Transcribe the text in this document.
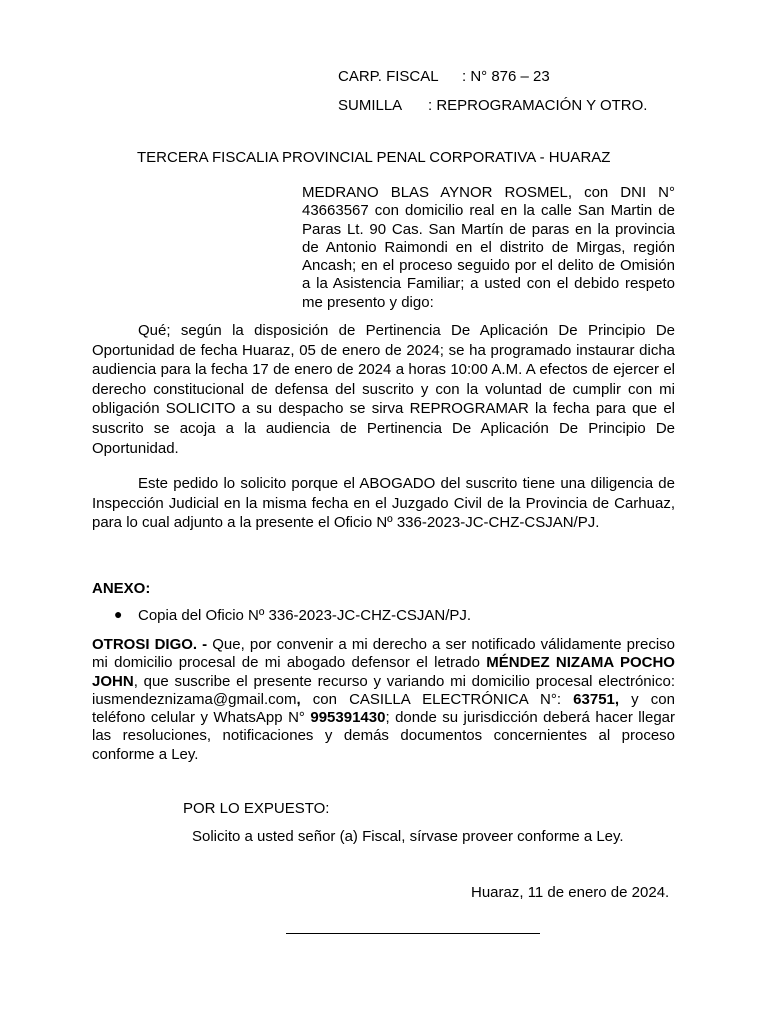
CARP. FISCAL : N° 876 – 23
SUMILLA : REPROGRAMACIÓN Y OTRO.
TERCERA FISCALIA PROVINCIAL PENAL CORPORATIVA - HUARAZ
MEDRANO BLAS AYNOR ROSMEL, con DNI N° 43663567 con domicilio real en la calle San Martin de Paras Lt. 90 Cas. San Martín de paras en la provincia de Antonio Raimondi en el distrito de Mirgas, región Ancash; en el proceso seguido por el delito de Omisión a la Asistencia Familiar; a usted con el debido respeto me presento y digo:
Qué; según la disposición de Pertinencia De Aplicación De Principio De Oportunidad de fecha Huaraz, 05 de enero de 2024; se ha programado instaurar dicha audiencia para la fecha 17 de enero de 2024 a horas 10:00 A.M. A efectos de ejercer el derecho constitucional de defensa del suscrito y con la voluntad de cumplir con mi obligación SOLICITO a su despacho se sirva REPROGRAMAR la fecha para que el suscrito se acoja a la audiencia de Pertinencia De Aplicación De Principio De Oportunidad.
Este pedido lo solicito porque el ABOGADO del suscrito tiene una diligencia de Inspección Judicial en la misma fecha en el Juzgado Civil de la Provincia de Carhuaz, para lo cual adjunto a la presente el Oficio Nº 336-2023-JC-CHZ-CSJAN/PJ.
ANEXO:
● Copia del Oficio Nº 336-2023-JC-CHZ-CSJAN/PJ.
OTROSI DIGO. - Que, por convenir a mi derecho a ser notificado válidamente preciso mi domicilio procesal de mi abogado defensor el letrado MÉNDEZ NIZAMA POCHO JOHN, que suscribe el presente recurso y variando mi domicilio procesal electrónico: iusmendeznizama@gmail.com, con CASILLA ELECTRÓNICA N°: 63751, y con teléfono celular y WhatsApp N° 995391430; donde su jurisdicción deberá hacer llegar las resoluciones, notificaciones y demás documentos concernientes al proceso conforme a Ley.
POR LO EXPUESTO:
Solicito a usted señor (a) Fiscal, sírvase proveer conforme a Ley.
Huaraz, 11 de enero de 2024.
